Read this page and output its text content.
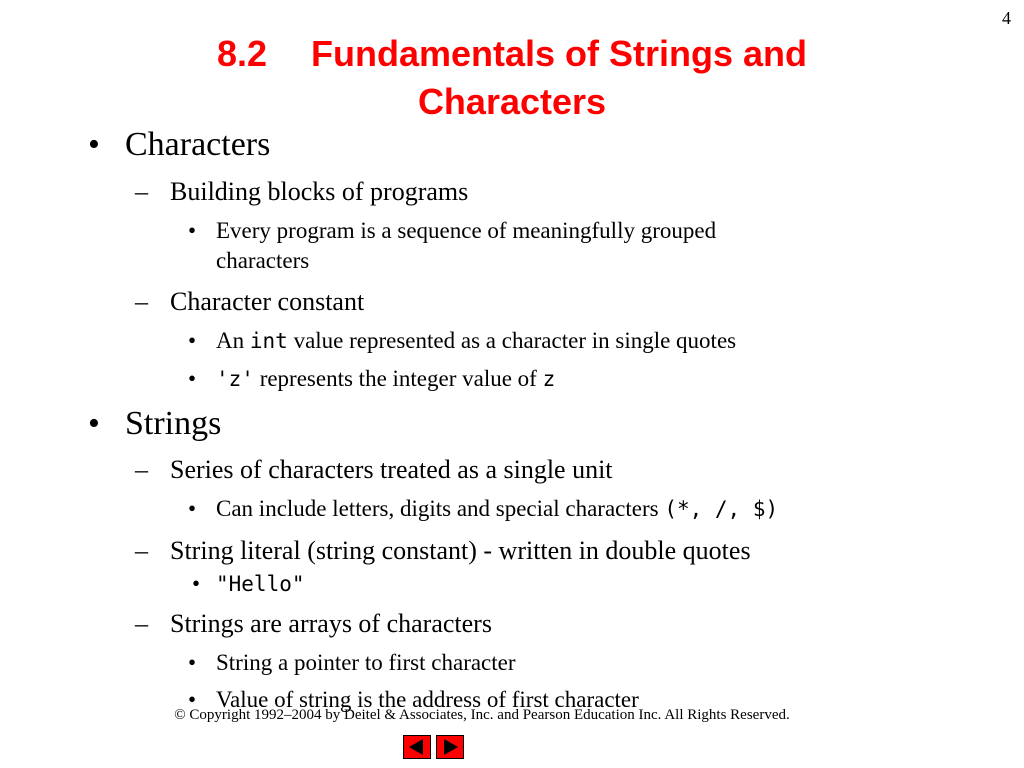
4
8.2 Fundamentals of Strings and
Characters
• Characters
– Building blocks of programs
• Every program is a sequence of meaningfully grouped
characters
– Character constant
• An int value represented as a character in single quotes
• 'z' represents the integer value of z
• Strings
– Series of characters treated as a single unit
• Can include letters, digits and special characters (*, /, $)
– String literal (string constant) - written in double quotes
• "Hello"
– Strings are arrays of characters
• String a pointer to first character
• Value of string is the address of first character
© Copyright 1992–2004 by Deitel & Associates, Inc. and Pearson Education Inc. All Rights Reserved.
